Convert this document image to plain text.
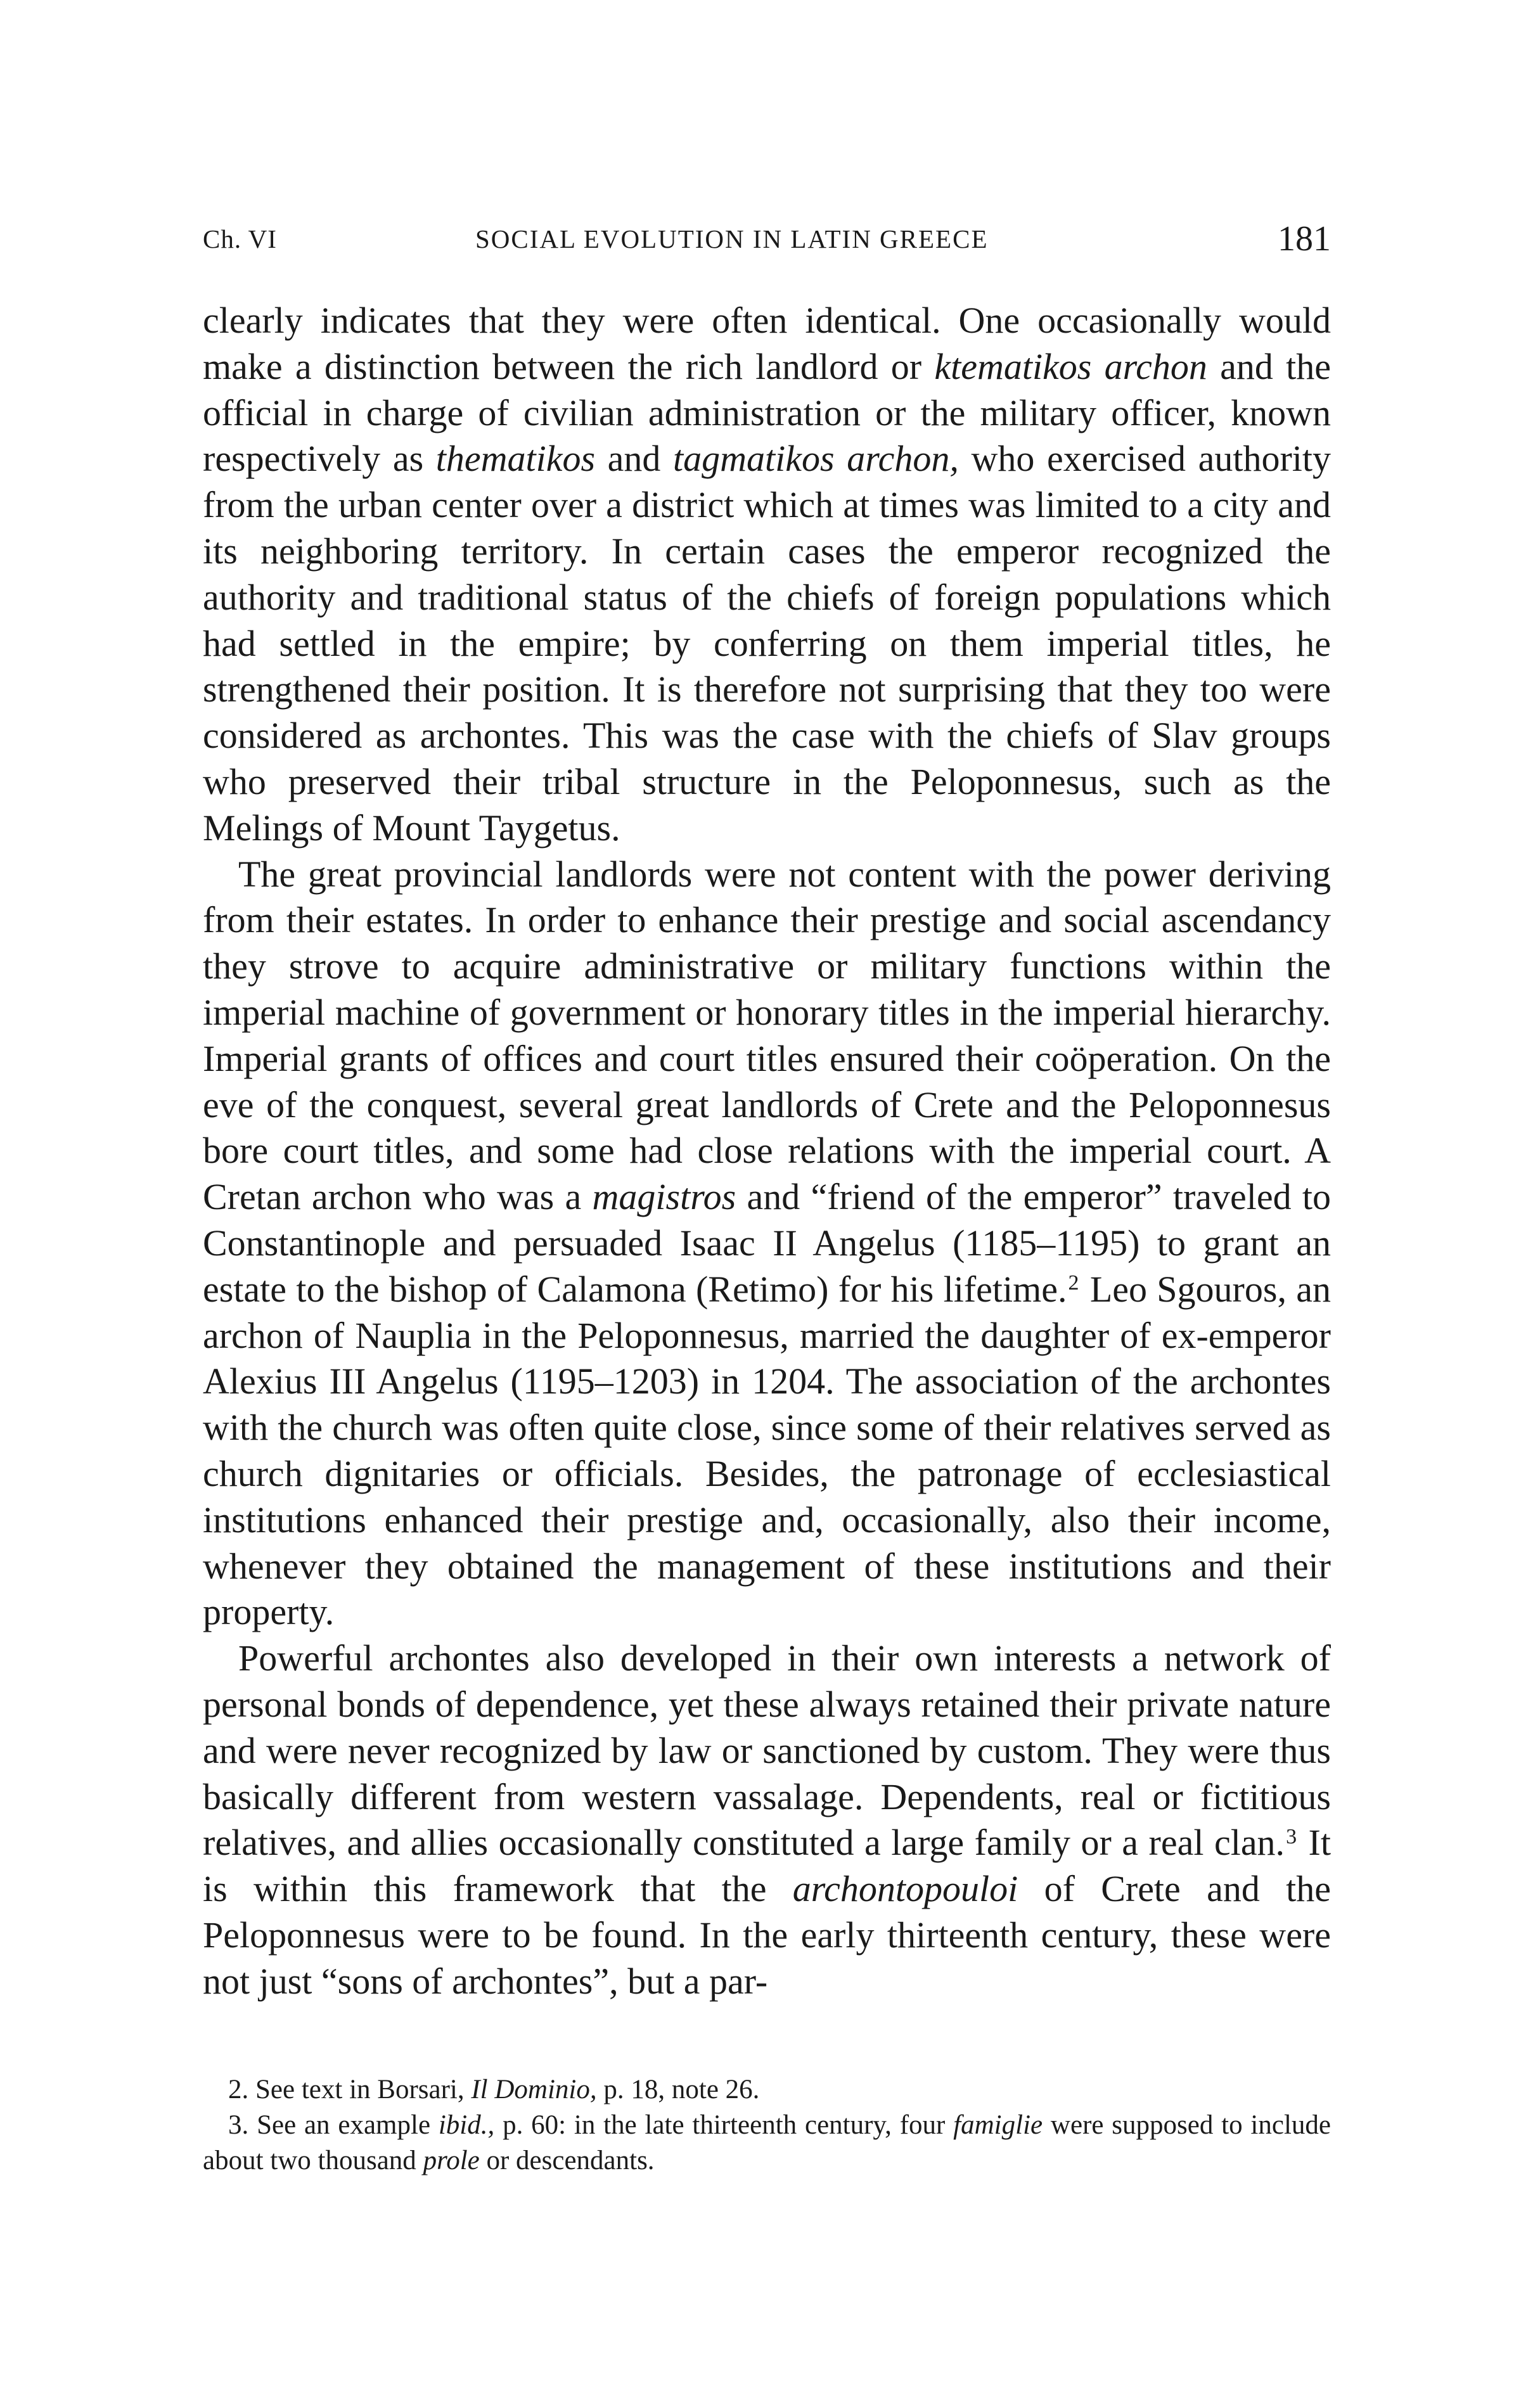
Ch. VI	SOCIAL EVOLUTION IN LATIN GREECE	181

clearly indicates that they were often identical. One occasionally would make a distinction between the rich landlord or ktematikos archon and the official in charge of civilian administration or the military officer, known respectively as thematikos and tagmatikos archon, who exercised authority from the urban center over a district which at times was limited to a city and its neighboring territory. In certain cases the emperor recognized the authority and traditional status of the chiefs of foreign populations which had settled in the empire; by conferring on them imperial titles, he strengthened their position. It is therefore not surprising that they too were considered as archontes. This was the case with the chiefs of Slav groups who preserved their tribal structure in the Peloponnesus, such as the Melings of Mount Taygetus.

The great provincial landlords were not content with the power deriving from their estates. In order to enhance their prestige and social ascendancy they strove to acquire administrative or military functions within the imperial machine of government or honorary titles in the imperial hierarchy. Imperial grants of offices and court titles ensured their coöperation. On the eve of the conquest, several great landlords of Crete and the Peloponnesus bore court titles, and some had close relations with the imperial court. A Cretan archon who was a magistros and “friend of the emperor” traveled to Constantinople and persuaded Isaac II Angelus (1185–1195) to grant an estate to the bishop of Calamona (Retimo) for his lifetime.$^2$ Leo Sgouros, an archon of Nauplia in the Peloponnesus, married the daughter of ex-emperor Alexius III Angelus (1195–1203) in 1204. The association of the archontes with the church was often quite close, since some of their relatives served as church dignitaries or officials. Besides, the patronage of ecclesiastical institutions enhanced their prestige and, occasionally, also their income, whenever they obtained the management of these institutions and their property.

Powerful archontes also developed in their own interests a network of personal bonds of dependence, yet these always retained their private nature and were never recognized by law or sanctioned by custom. They were thus basically different from western vassalage. Dependents, real or fictitious relatives, and allies occasionally constituted a large family or a real clan.$^3$ It is within this framework that the archontopouloi of Crete and the Peloponnesus were to be found. In the early thirteenth century, these were not just “sons of archontes”, but a par-

2. See text in Borsari, Il Dominio, p. 18, note 26.

3. See an example ibid., p. 60: in the late thirteenth century, four famiglie were supposed to include about two thousand prole or descendants.
